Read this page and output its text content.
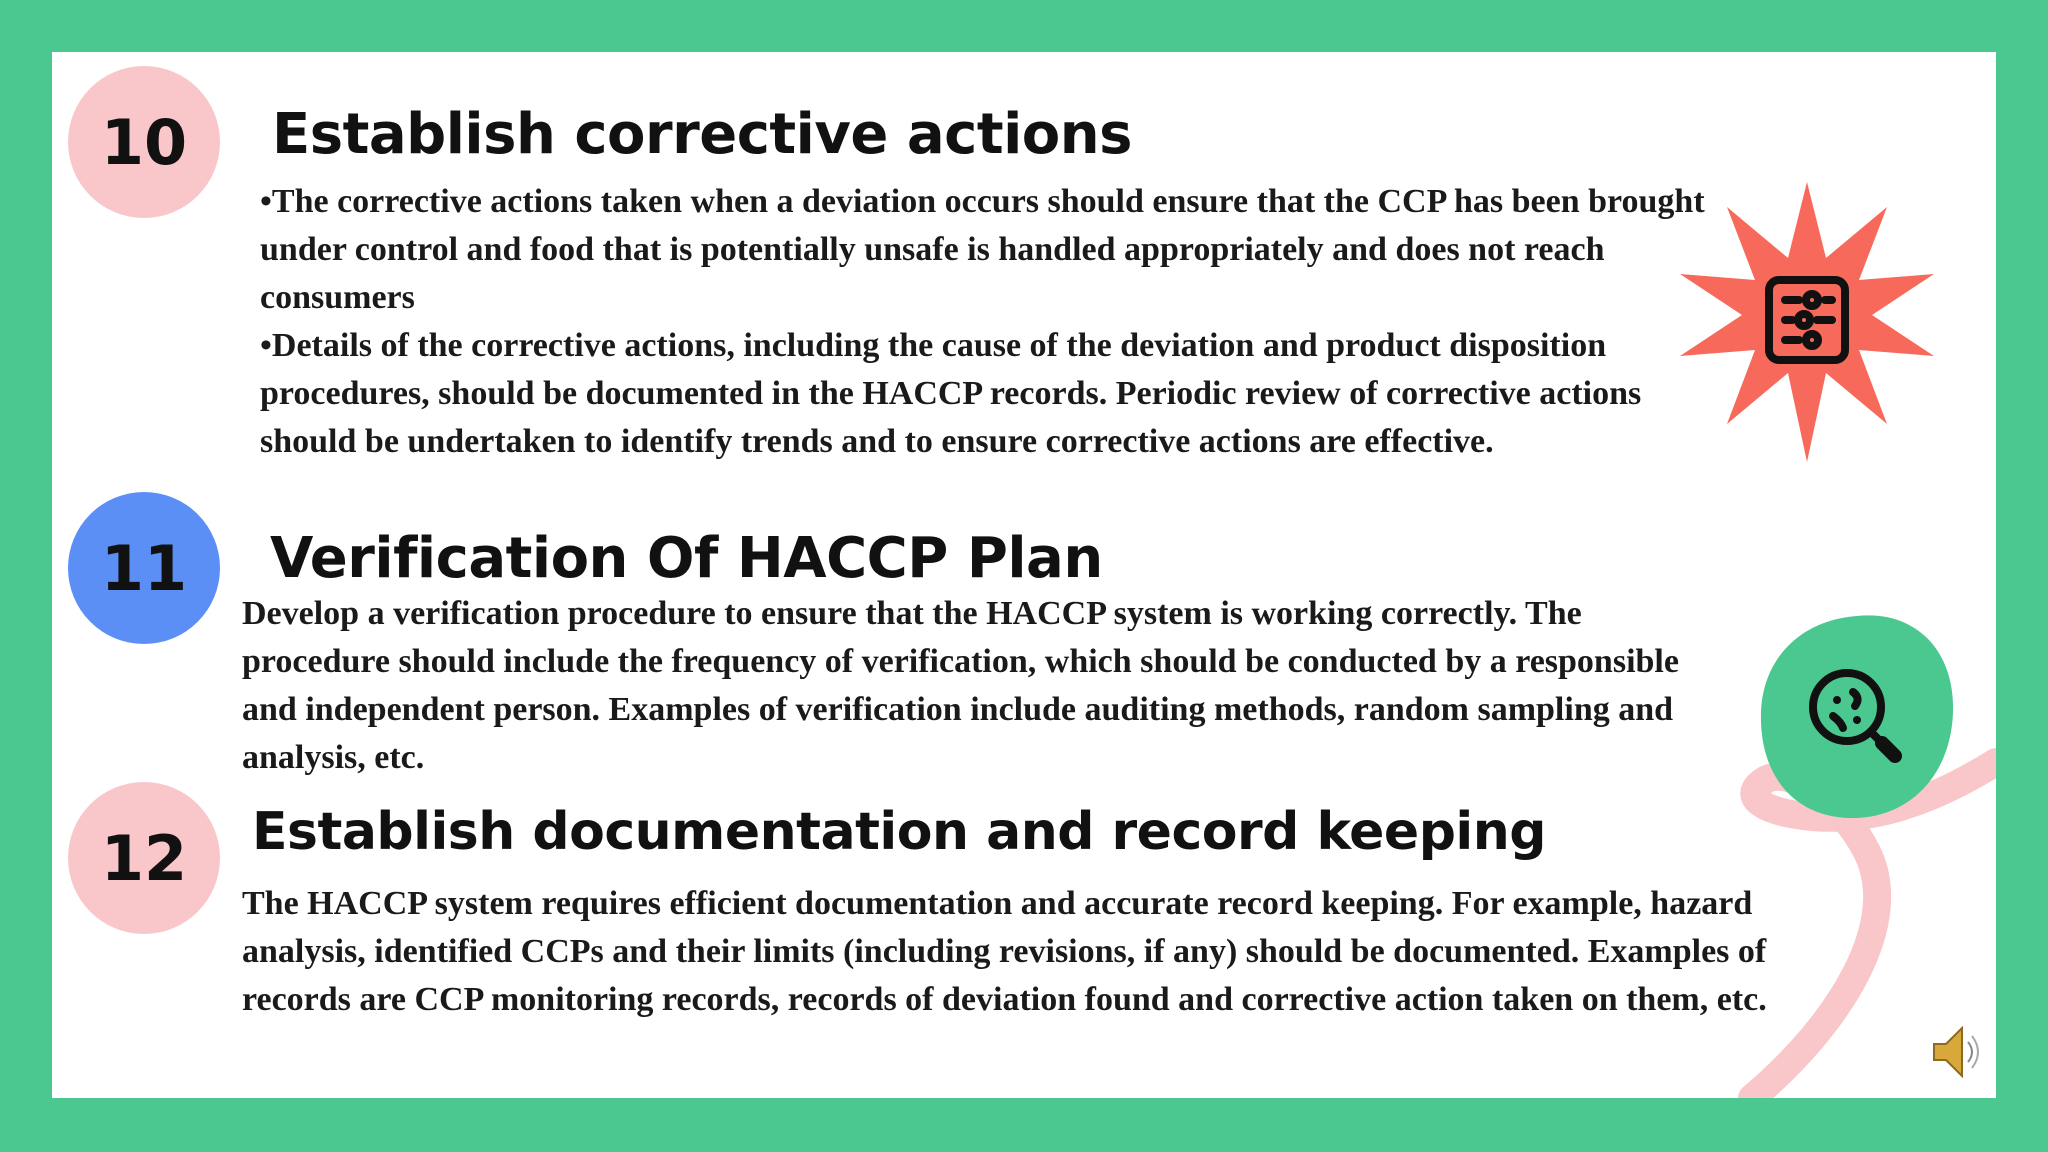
10	Establish corrective actions

•The corrective actions taken when a deviation occurs should ensure that the CCP has been brought under control and food that is potentially unsafe is handled appropriately and does not reach consumers

•Details of the corrective actions, including the cause of the deviation and product disposition procedures, should be documented in the HACCP records. Periodic review of corrective actions should be undertaken to identify trends and to ensure corrective actions are effective.

11	Verification Of HACCP Plan

Develop a verification procedure to ensure that the HACCP system is working correctly. The procedure should include the frequency of verification, which should be conducted by a responsible and independent person. Examples of verification include auditing methods, random sampling and analysis, etc.

12	Establish documentation and record keeping

The HACCP system requires efficient documentation and accurate record keeping. For example, hazard analysis, identified CCPs and their limits (including revisions, if any) should be documented. Examples of records are CCP monitoring records, records of deviation found and corrective action taken on them, etc.
